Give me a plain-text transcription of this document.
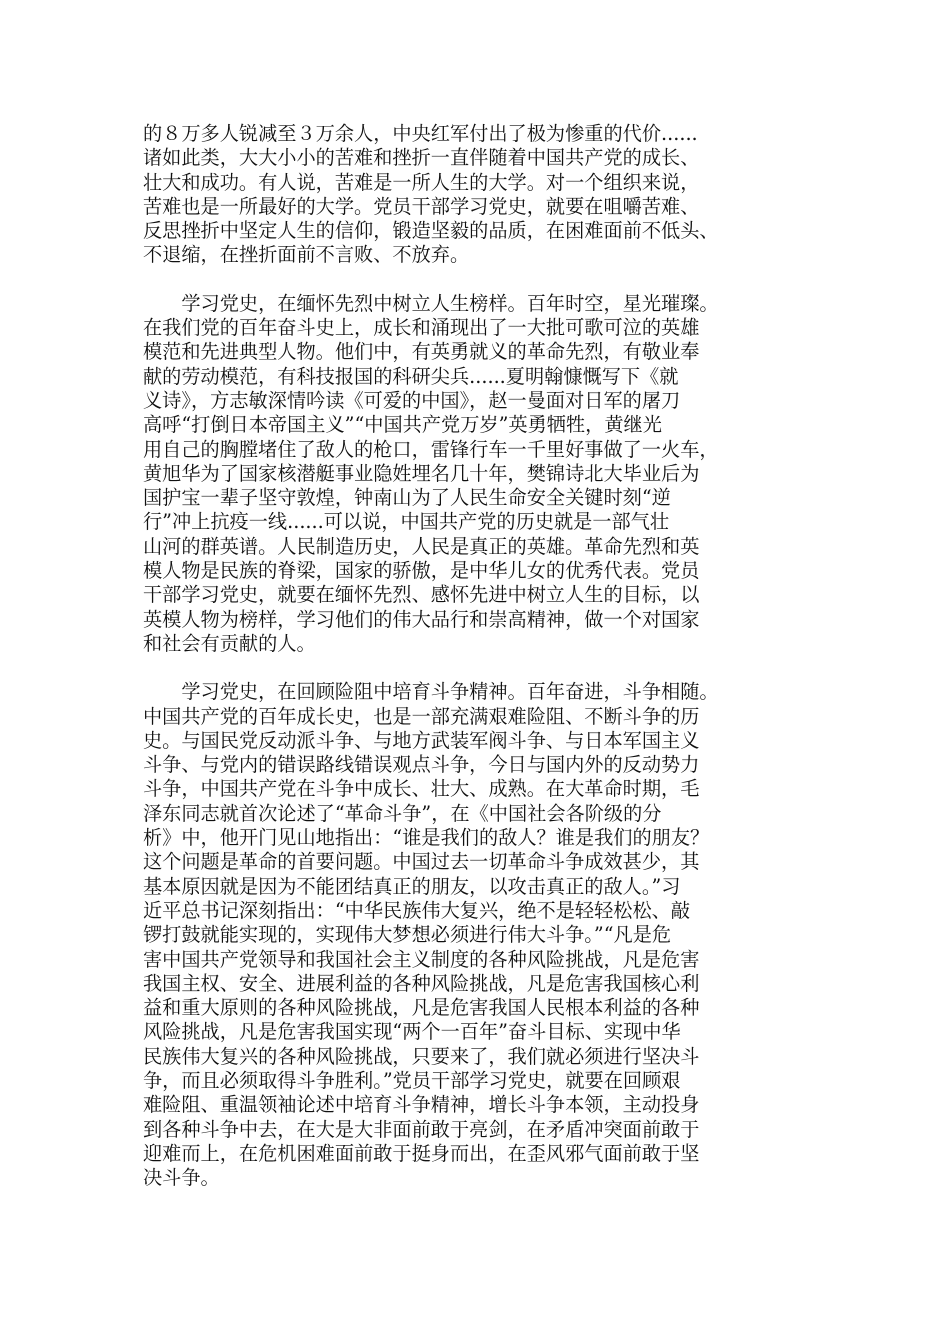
的８万多人锐减至３万余人，中央红军付出了极为惨重的代价......
诸如此类，大大小小的苦难和挫折一直伴随着中国共产党的成长、
壮大和成功。有人说，苦难是一所人生的大学。对一个组织来说，
苦难也是一所最好的大学。党员干部学习党史，就要在咀嚼苦难、
反思挫折中坚定人生的信仰，锻造坚毅的品质，在困难面前不低头、
不退缩，在挫折面前不言败、不放弃。

　　学习党史，在缅怀先烈中树立人生榜样。百年时空，星光璀璨。
在我们党的百年奋斗史上，成长和涌现出了一大批可歌可泣的英雄
模范和先进典型人物。他们中，有英勇就义的革命先烈，有敬业奉
献的劳动模范，有科技报国的科研尖兵......夏明翰慷慨写下《就
义诗》，方志敏深情吟读《可爱的中国》，赵一曼面对日军的屠刀
高呼“打倒日本帝国主义”“中国共产党万岁”英勇牺牲，黄继光
用自己的胸膛堵住了敌人的枪口，雷锋行车一千里好事做了一火车，
黄旭华为了国家核潜艇事业隐姓埋名几十年，樊锦诗北大毕业后为
国护宝一辈子坚守敦煌，钟南山为了人民生命安全关键时刻“逆
行”冲上抗疫一线......可以说，中国共产党的历史就是一部气壮
山河的群英谱。人民制造历史，人民是真正的英雄。革命先烈和英
模人物是民族的脊梁，国家的骄傲，是中华儿女的优秀代表。党员
干部学习党史，就要在缅怀先烈、感怀先进中树立人生的目标，以
英模人物为榜样，学习他们的伟大品行和崇高精神，做一个对国家
和社会有贡献的人。

　　学习党史，在回顾险阻中培育斗争精神。百年奋进，斗争相随。
中国共产党的百年成长史，也是一部充满艰难险阻、不断斗争的历
史。与国民党反动派斗争、与地方武装军阀斗争、与日本军国主义
斗争、与党内的错误路线错误观点斗争，今日与国内外的反动势力
斗争，中国共产党在斗争中成长、壮大、成熟。在大革命时期，毛
泽东同志就首次论述了“革命斗争”，在《中国社会各阶级的分
析》中，他开门见山地指出：“谁是我们的敌人？谁是我们的朋友？
这个问题是革命的首要问题。中国过去一切革命斗争成效甚少，其
基本原因就是因为不能团结真正的朋友，以攻击真正的敌人。”习
近平总书记深刻指出：“中华民族伟大复兴，绝不是轻轻松松、敲
锣打鼓就能实现的，实现伟大梦想必须进行伟大斗争。”“凡是危
害中国共产党领导和我国社会主义制度的各种风险挑战，凡是危害
我国主权、安全、进展利益的各种风险挑战，凡是危害我国核心利
益和重大原则的各种风险挑战，凡是危害我国人民根本利益的各种
风险挑战，凡是危害我国实现“两个一百年”奋斗目标、实现中华
民族伟大复兴的各种风险挑战，只要来了，我们就必须进行坚决斗
争，而且必须取得斗争胜利。”党员干部学习党史，就要在回顾艰
难险阻、重温领袖论述中培育斗争精神，增长斗争本领，主动投身
到各种斗争中去，在大是大非面前敢于亮剑，在矛盾冲突面前敢于
迎难而上，在危机困难面前敢于挺身而出，在歪风邪气面前敢于坚
决斗争。
